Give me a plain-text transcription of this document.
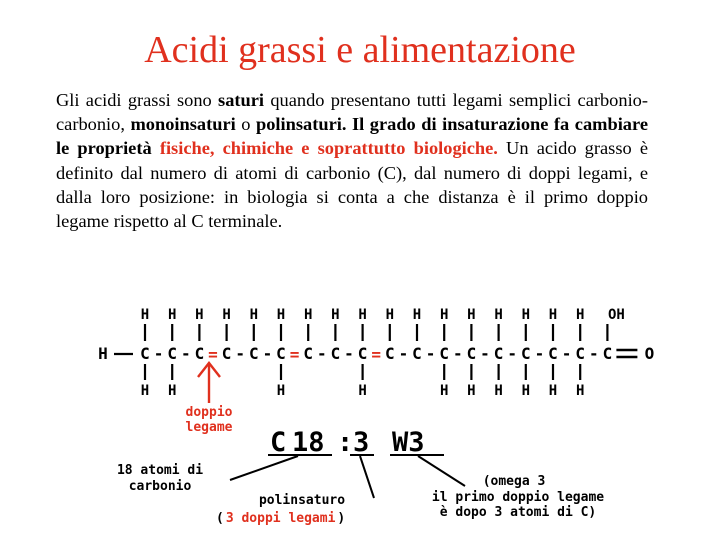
Acidi grassi e alimentazione
Gli acidi grassi sono saturi quando presentano tutti legami semplici carbonio-carbonio, monoinsaturi o polinsaturi. Il grado di insaturazione fa cambiare le proprietà fisiche, chimiche e soprattutto biologiche. Un acido grasso è definito dal numero di atomi di carbonio (C), dal numero di doppi legami, e dalla loro posizione: in biologia si conta a che distanza è il primo doppio legame rispetto al C terminale.
H C
H
H
- C
H
H
- C
H
= C
H
- C
H
- C
H
H
= C
H
- C
H
- C
H
H
= C
H
- C
H
- C
H
H
- C
H
H
- C
H
H
- C
H
H
- C
H
H
- C
H
H
- C
OH
O
doppio
legame C 18 : 3 W3
18 atomi di
carbonio
polinsaturo
(omega 3
il primo doppio legame
è dopo 3 atomi di C)
( 3 doppi legami )
